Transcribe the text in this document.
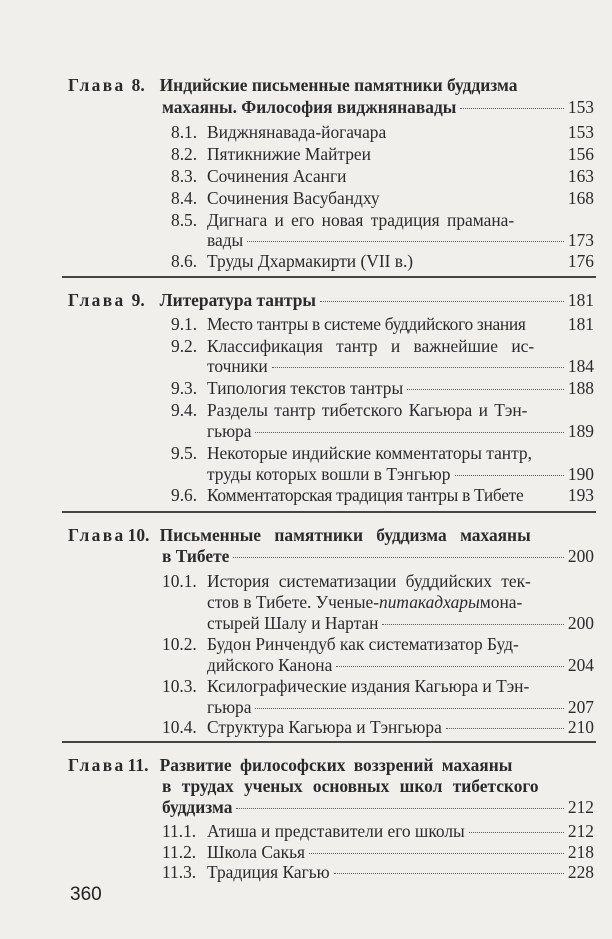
Глава 8. Индийские письменные памятники буддизма
махаяны. Философия виджнянавады	153
8.1. Виджнянавада-йогачара	153
8.2. Пятикнижие Майтреи	156
8.3. Сочинения Асанги	163
8.4. Сочинения Васубандху	168
8.5. Дигнага и его новая традиция прамана-
вады	173
8.6. Труды Дхармакирти (VII в.)	176
Глава 9. Литература тантры	181
9.1. Место тантры в системе буддийского знания 181
9.2. Классификация тантр и важнейшие ис-
точники	184
9.3. Типология текстов тантры	188
9.4. Разделы тантр тибетского Кагьюра и Тэн-
гьюра	189
9.5. Некоторые индийские комментаторы тантр,
труды которых вошли в Тэнгьюр	190
9.6. Комментаторская традиция тантры в Тибете	193
Глава 10. Письменные памятники буддизма махаяны
в Тибете	200
10.1. История систематизации буддийских тек-
стов в Тибете. Ученые- питакадхары мона-
стырей Шалу и Нартан	200
10.2. Будон Ринчендуб как систематизатор Буд-
дийского Канона	204
10.3. Ксилографические издания Кагьюра и Тэн-
гьюра	207
10.4. Структура Кагьюра и Тэнгьюра	210
Глава 11. Развитие философских воззрений махаяны
в трудах ученых основных школ тибетского
буддизма	212
11.1. Атиша и представители его школы	212
11.2. Школа Сакья	218
11.3. Традиция Кагью	228
360
